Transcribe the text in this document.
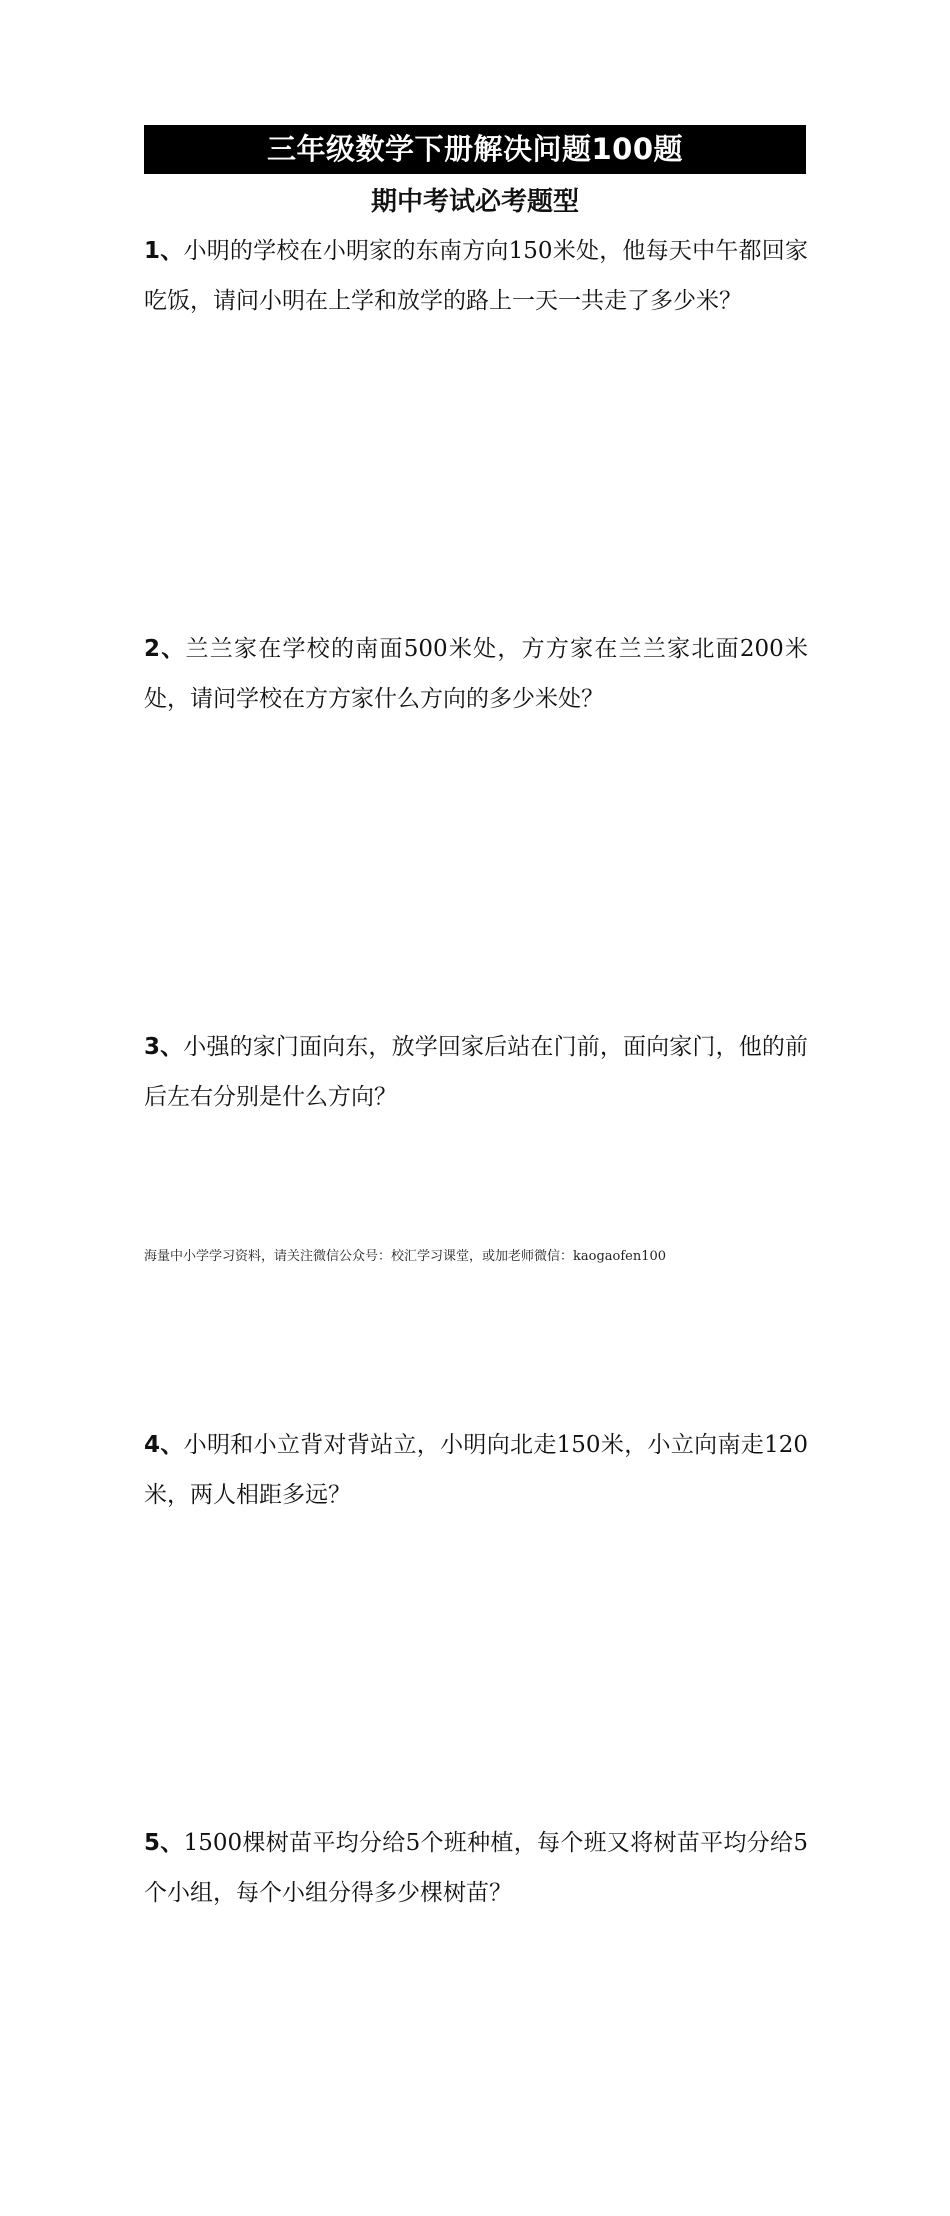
三年级数学下册解决问题100题
期中考试必考题型
1、小明的学校在小明家的东南方向150米处，他每天中午都回家吃饭，请问小明在上学和放学的路上一天一共走了多少米？
2、兰兰家在学校的南面500米处，方方家在兰兰家北面200米处，请问学校在方方家什么方向的多少米处？
3、小强的家门面向东，放学回家后站在门前，面向家门，他的前后左右分别是什么方向？
4、小明和小立背对背站立，小明向北走150米，小立向南走120米，两人相距多远？
5、1500棵树苗平均分给5个班种植，每个班又将树苗平均分给5个小组，每个小组分得多少棵树苗？
海量中小学学习资料，请关注微信公众号：校汇学习课堂，或加老师微信：kaogaofen100
